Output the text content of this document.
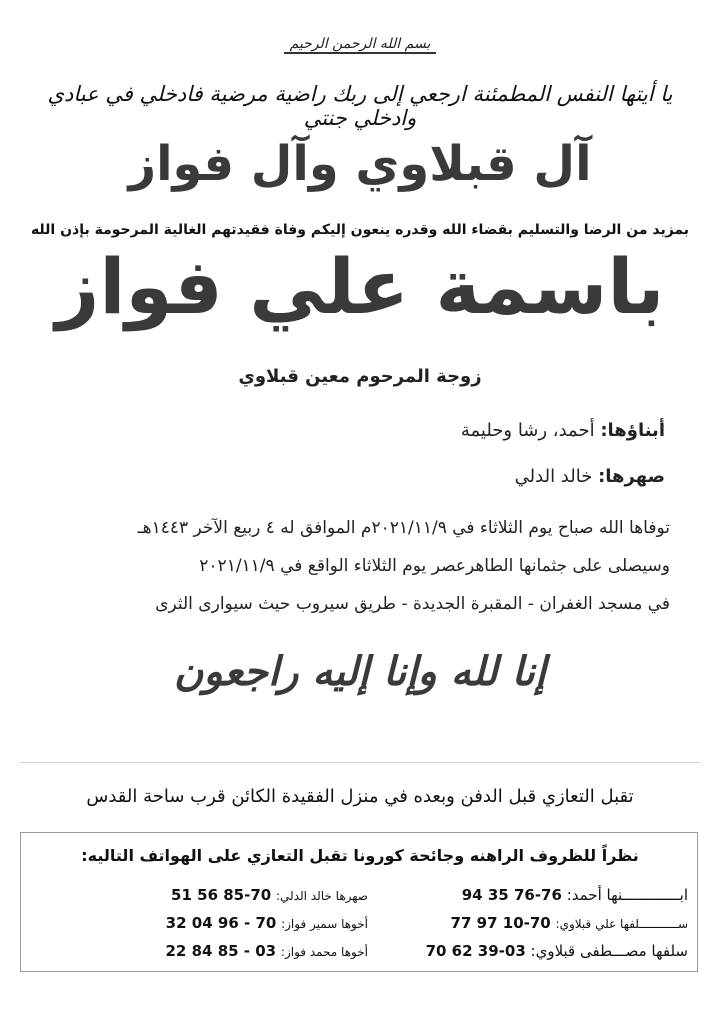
بسم الله الرحمن الرحيم
يا أيتها النفس المطمئنة ارجعي إلى ربك راضية مرضية فادخلي في عبادي وادخلي جنتي
آل قبلاوي وآل فواز
بمزيد من الرضا والتسليم بقضاء الله وقدره ينعون إليكم وفاة فقيدتهم الغالية المرحومة بإذن الله
باسمة علي فواز
زوجة المرحوم معين قبلاوي
أبناؤها: أحمد، رشا وحليمة
صهرها: خالد الدلي
توفاها الله صباح يوم الثلاثاء في ٢٠٢١/١١/٩م الموافق له ٤ ربيع الآخر ١٤٤٣هـ
وسيصلى على جثمانها الطاهرعصر يوم الثلاثاء الواقع في ٢٠٢١/١١/٩
في مسجد الغفران - المقبرة الجديدة - طريق سيروب حيث سيوارى الثرى
إنا لله وإنا إليه راجعون
تقبل التعازي قبل الدفن وبعده في منزل الفقيدة الكائن قرب ساحة القدس
نظراً للظروف الراهنه وجائحة كورونا تقبل التعازي على الهواتف التاليه:
ابـــــــــــــنها أحمد: 76-76 35 94
ســـــــــــلفها علي قبلاوي: 70-10 97 77
سلفها مصـــطفى قبلاوي: 03-39 62 70
صهرها خالد الدلي: 70-85 56 51
أخوها سمير فواز: 70 - 96 04 32
أخوها محمد فواز: 03 - 85 84 22
